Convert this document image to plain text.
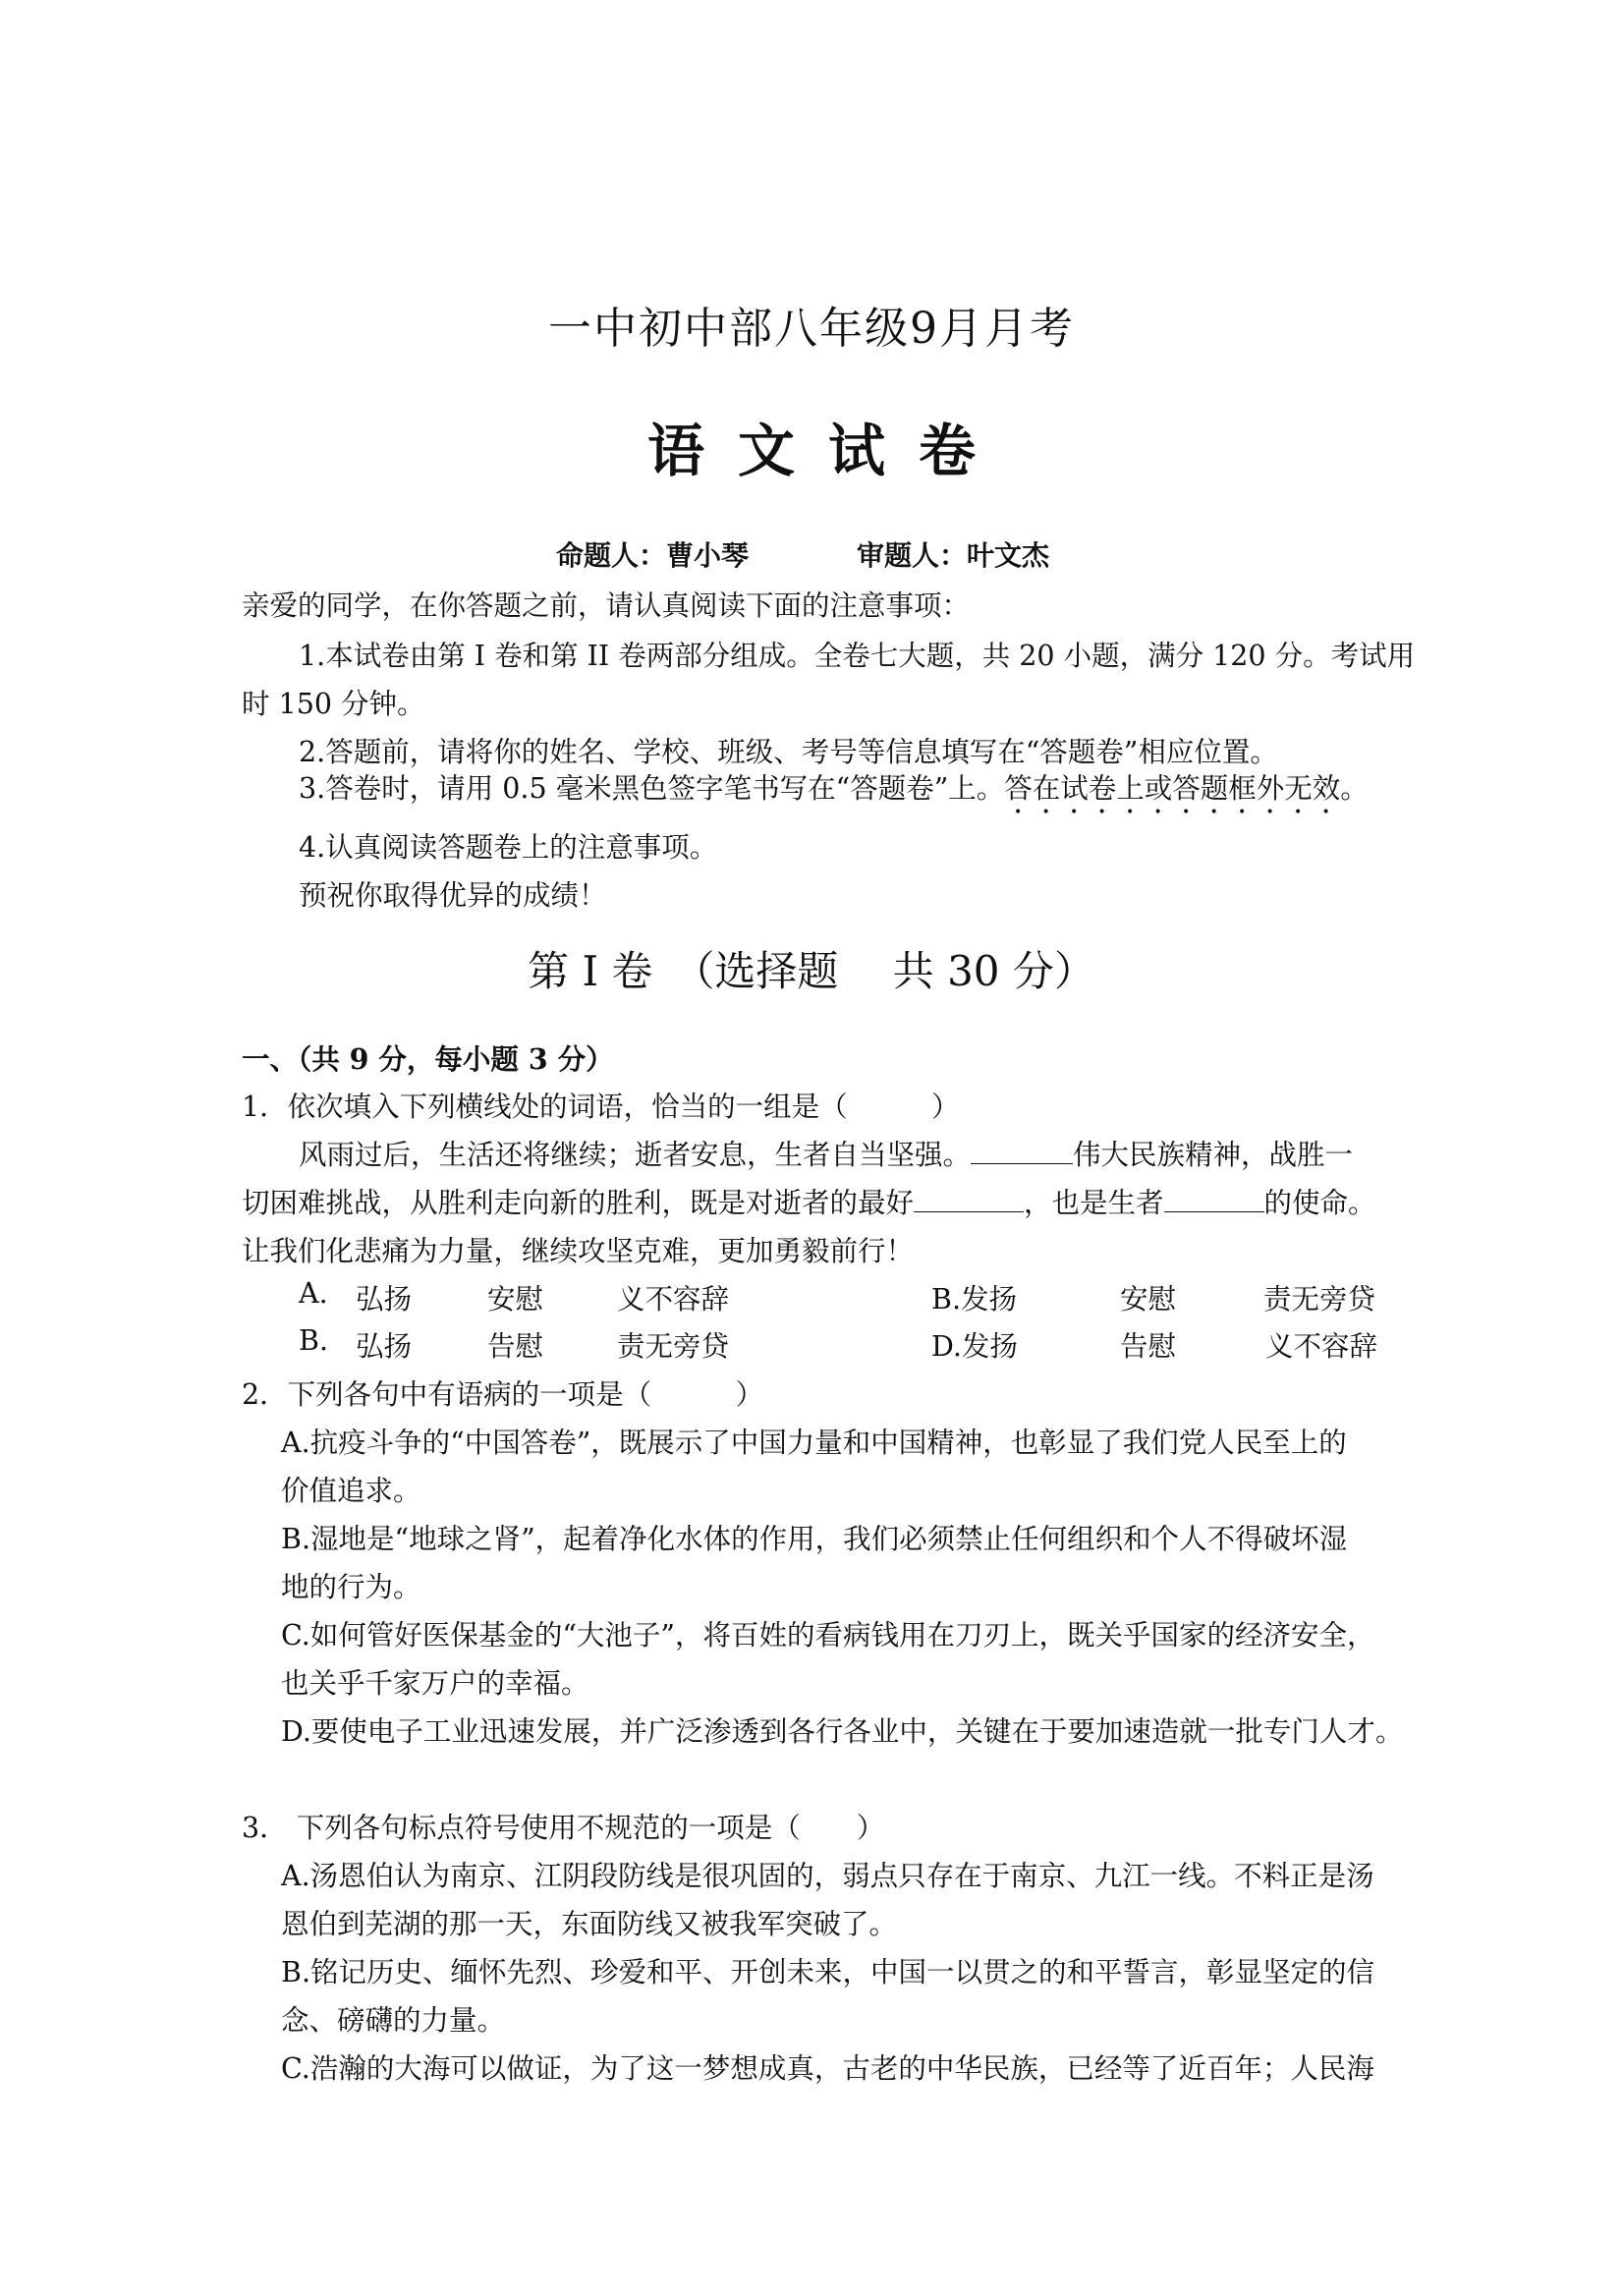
一中初中部八年级9月月考
语文试卷
命题人：曹小琴	审题人：叶文杰
亲爱的同学，在你答题之前，请认真阅读下面的注意事项：
1.本试卷由第 I 卷和第 II 卷两部分组成。全卷七大题，共 20 小题，满分 120 分。考试用
时 150 分钟。
2.答题前，请将你的姓名、学校、班级、考号等信息填写在“答题卷”相应位置。
3.答卷时，请用 0.5 毫米黑色签字笔书写在“答题卷”上。答在试卷上或答题框外无效。
4.认真阅读答题卷上的注意事项。
预祝你取得优异的成绩！
第 I 卷　（选择题　 共 30 分）
一、（共 9 分，每小题 3 分）
1．依次填入下列横线处的词语，恰当的一组是（　　　）
风雨过后，生活还将继续；逝者安息，生者自当坚强。	伟大民族精神，战胜一
切困难挑战，从胜利走向新的胜利，既是对逝者的最好	，也是生者	的使命。
让我们化悲痛为力量，继续攻坚克难，更加勇毅前行！
A. 弘扬	安慰	义不容辞	B.发扬	安慰	责无旁贷
B. 弘扬	告慰	责无旁贷	D.发扬	告慰	义不容辞
2．下列各句中有语病的一项是（　　　）
A.抗疫斗争的“中国答卷”，既展示了中国力量和中国精神，也彰显了我们党人民至上的
价值追求。
B.湿地是“地球之肾”，起着净化水体的作用，我们必须禁止任何组织和个人不得破坏湿
地的行为。
C.如何管好医保基金的“大池子”，将百姓的看病钱用在刀刃上，既关乎国家的经济安全，
也关乎千家万户的幸福。
D.要使电子工业迅速发展，并广泛渗透到各行各业中，关键在于要加速造就一批专门人才。
3． 下列各句标点符号使用不规范的一项是（　　）
A.汤恩伯认为南京、江阴段防线是很巩固的，弱点只存在于南京、九江一线。不料正是汤
恩伯到芜湖的那一天，东面防线又被我军突破了。
B.铭记历史、缅怀先烈、珍爱和平、开创未来，中国一以贯之的和平誓言，彰显坚定的信
念、磅礴的力量。
C.浩瀚的大海可以做证，为了这一梦想成真，古老的中华民族，已经等了近百年；人民海
